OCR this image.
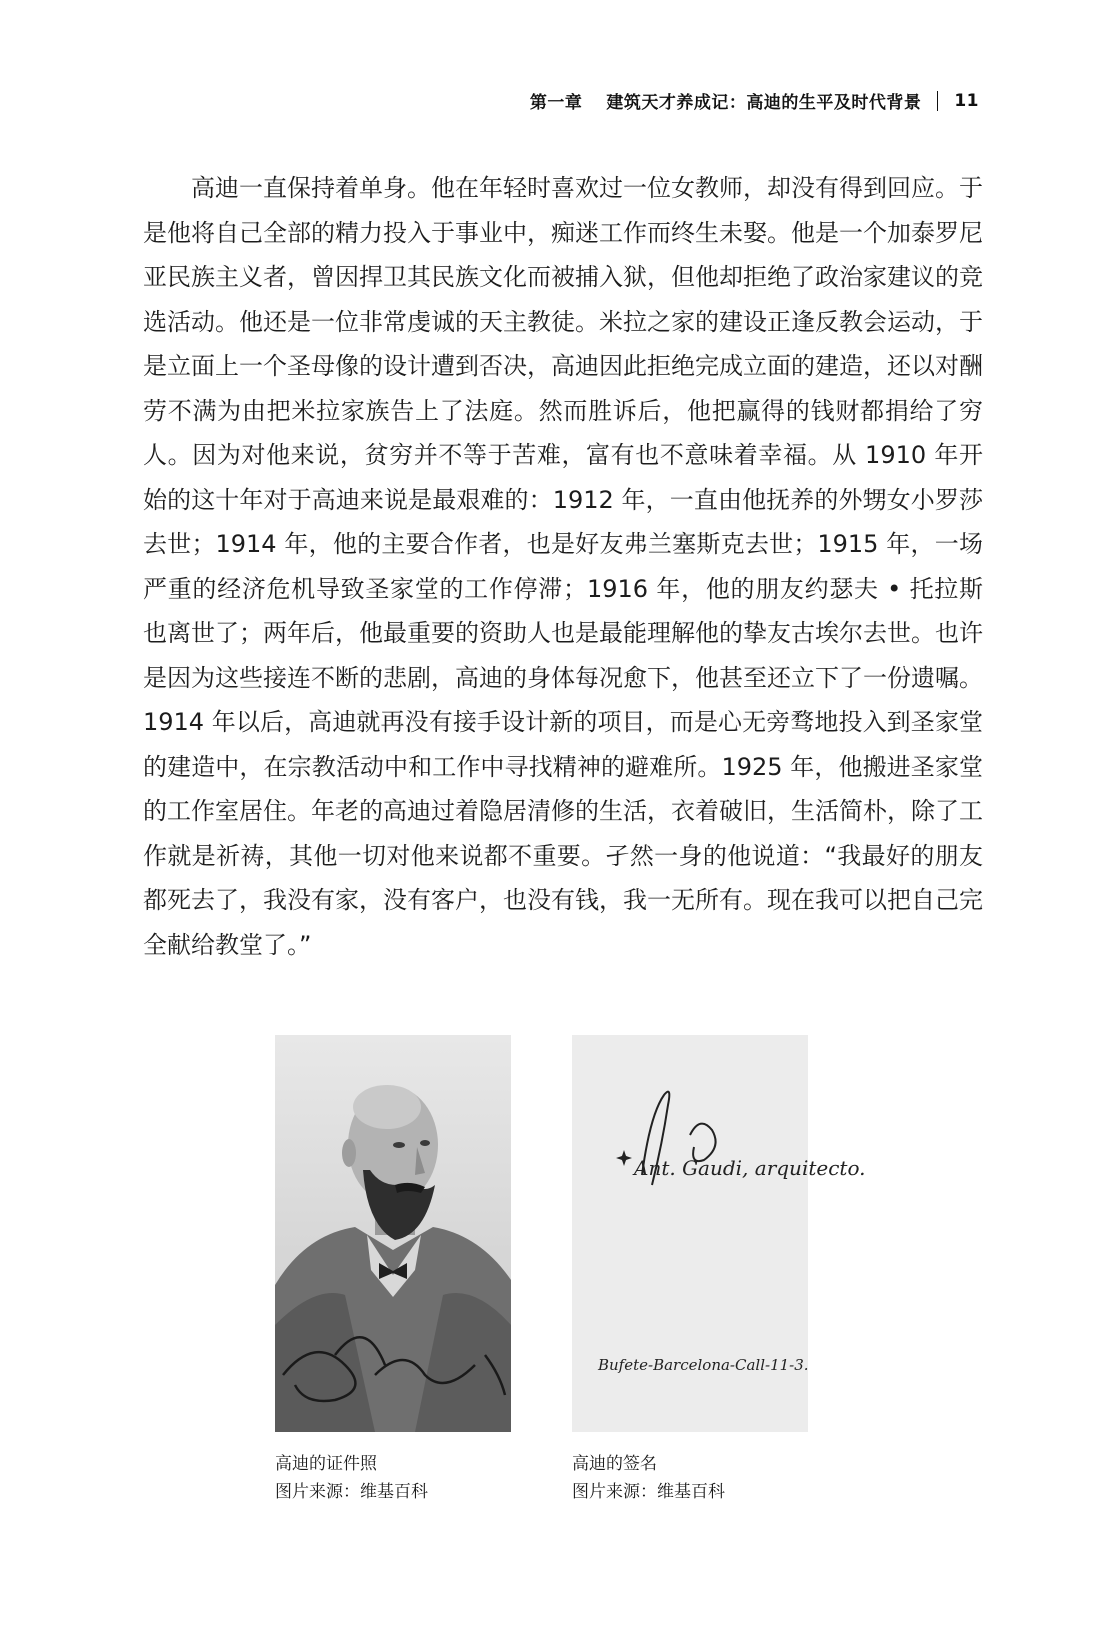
第一章 建筑天才养成记：高迪的生平及时代背景 11

高迪一直保持着单身。他在年轻时喜欢过一位女教师，却没有得到回应。于是他将自己全部的精力投入于事业中，痴迷工作而终生未娶。他是一个加泰罗尼亚民族主义者，曾因捍卫其民族文化而被捕入狱，但他却拒绝了政治家建议的竞选活动。他还是一位非常虔诚的天主教徒。米拉之家的建设正逢反教会运动，于是立面上一个圣母像的设计遭到否决，高迪因此拒绝完成立面的建造，还以对酬劳不满为由把米拉家族告上了法庭。然而胜诉后，他把赢得的钱财都捐给了穷人。因为对他来说，贫穷并不等于苦难，富有也不意味着幸福。从 1910 年开始的这十年对于高迪来说是最艰难的：1912 年，一直由他抚养的外甥女小罗莎去世；1914 年，他的主要合作者，也是好友弗兰塞斯克去世；1915 年，一场严重的经济危机导致圣家堂的工作停滞；1916 年，他的朋友约瑟夫 • 托拉斯也离世了；两年后，他最重要的资助人也是最能理解他的挚友古埃尔去世。也许是因为这些接连不断的悲剧，高迪的身体每况愈下，他甚至还立下了一份遗嘱。1914 年以后，高迪就再没有接手设计新的项目，而是心无旁骛地投入到圣家堂的建造中，在宗教活动中和工作中寻找精神的避难所。1925 年，他搬进圣家堂的工作室居住。年老的高迪过着隐居清修的生活，衣着破旧，生活简朴，除了工作就是祈祷，其他一切对他来说都不重要。孑然一身的他说道：“我最好的朋友都死去了，我没有家，没有客户，也没有钱，我一无所有。现在我可以把自己完全献给教堂了。”

高迪的证件照
图片来源：维基百科
Ant. Gaudi, arquitecto.
Bufete-Barcelona-Call-11-3.
高迪的签名
图片来源：维基百科
